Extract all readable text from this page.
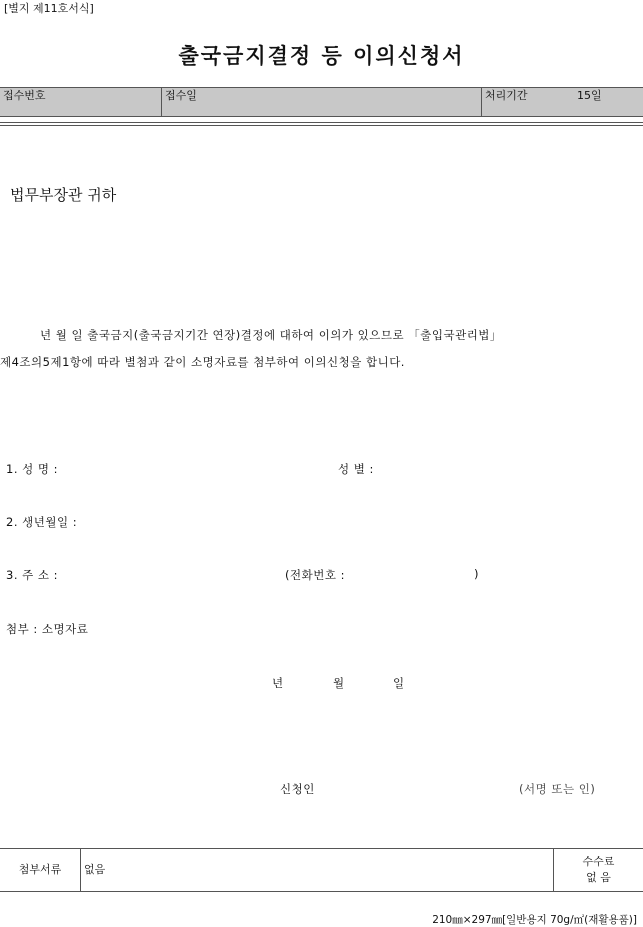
[별지 제11호서식]
출국금지결정 등 이의신청서
접수번호	접수일	처리기간	15일
법무부장관 귀하
년 월 일 출국금지(출국금지기간 연장)결정에 대하여 이의가 있으므로 「출입국관리법」
제4조의5제1항에 따라 별첨과 같이 소명자료를 첨부하여 이의신청을 합니다.
1. 성 명 :	성 별 :
2. 생년월일 :
3. 주 소 :	(전화번호 :	)
첨부 : 소명자료
년	월	일
신청인	(서명 또는 인)
첨부서류	없음
수수료
없 음
210㎜×297㎜[일반용지 70g/㎡(재활용품)]
